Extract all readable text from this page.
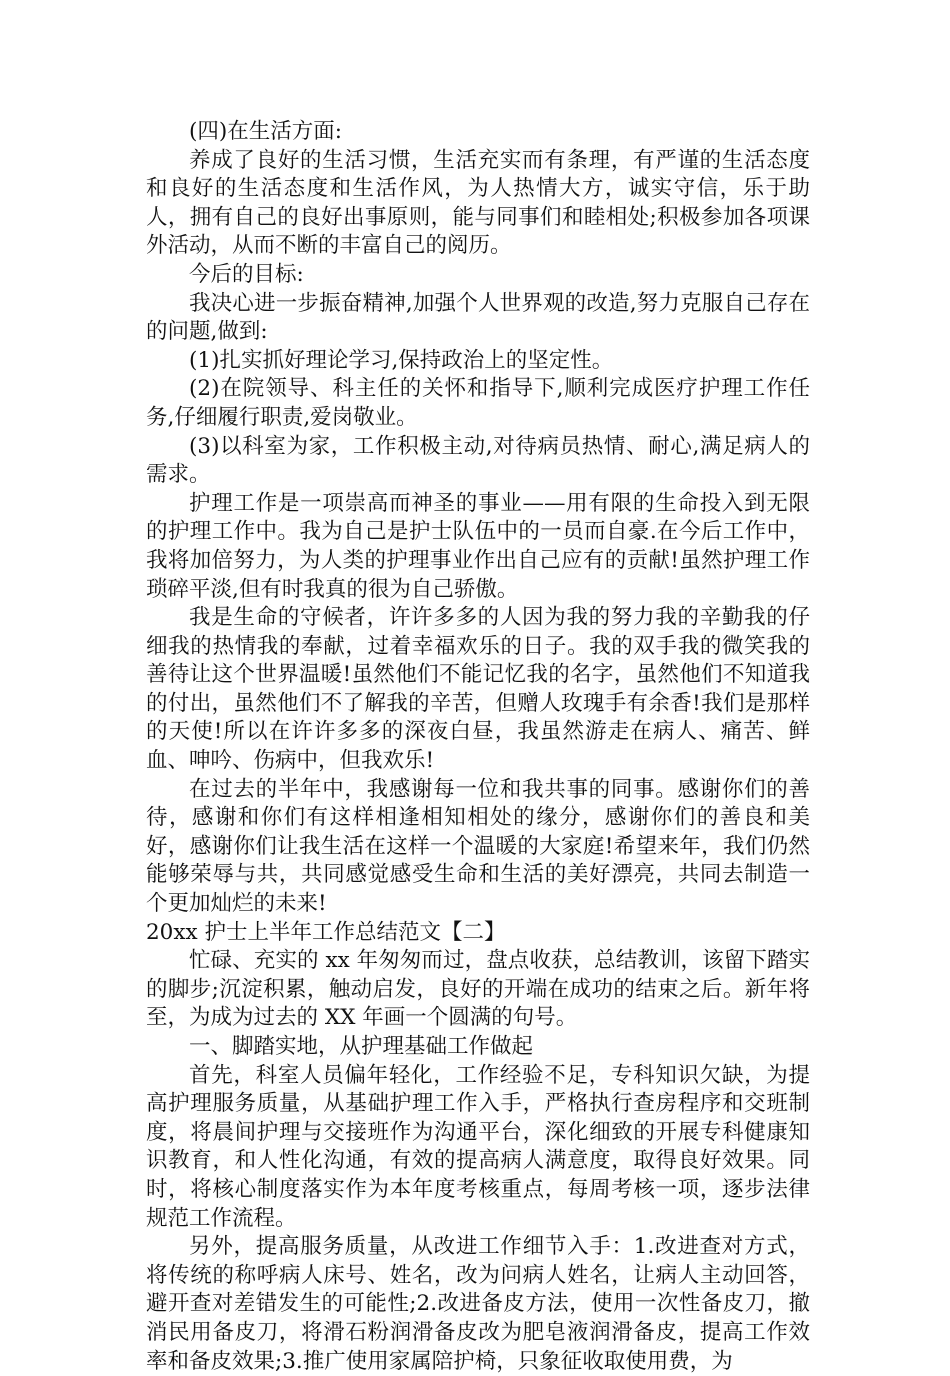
(四)在生活方面:

养成了良好的生活习惯，生活充实而有条理，有严谨的生活态度和良好的生活态度和生活作风，为人热情大方，诚实守信，乐于助人，拥有自己的良好出事原则，能与同事们和睦相处;积极参加各项课外活动，从而不断的丰富自己的阅历。

今后的目标:

我决心进一步振奋精神,加强个人世界观的改造,努力克服自己存在的问题,做到:

(1)扎实抓好理论学习,保持政治上的坚定性。

(2)在院领导、科主任的关怀和指导下,顺利完成医疗护理工作任务,仔细履行职责,爱岗敬业。

(3)以科室为家，工作积极主动,对待病员热情、耐心,满足病人的需求。

护理工作是一项崇高而神圣的事业——用有限的生命投入到无限的护理工作中。我为自己是护士队伍中的一员而自豪.在今后工作中，我将加倍努力，为人类的护理事业作出自己应有的贡献!虽然护理工作琐碎平淡,但有时我真的很为自己骄傲。

我是生命的守候者，许许多多的人因为我的努力我的辛勤我的仔细我的热情我的奉献，过着幸福欢乐的日子。我的双手我的微笑我的善待让这个世界温暖!虽然他们不能记忆我的名字，虽然他们不知道我的付出，虽然他们不了解我的辛苦，但赠人玫瑰手有余香!我们是那样的天使!所以在许许多多的深夜白昼，我虽然游走在病人、痛苦、鲜血、呻吟、伤病中，但我欢乐!

在过去的半年中，我感谢每一位和我共事的同事。感谢你们的善待，感谢和你们有这样相逢相知相处的缘分，感谢你们的善良和美好，感谢你们让我生活在这样一个温暖的大家庭!希望来年，我们仍然能够荣辱与共，共同感觉感受生命和生活的美好漂亮，共同去制造一个更加灿烂的未来!

20xx 护士上半年工作总结范文【二】

忙碌、充实的 xx 年匆匆而过，盘点收获，总结教训，该留下踏实的脚步;沉淀积累，触动启发，良好的开端在成功的结束之后。新年将至，为成为过去的 XX 年画一个圆满的句号。

一、脚踏实地，从护理基础工作做起

首先，科室人员偏年轻化，工作经验不足，专科知识欠缺，为提高护理服务质量，从基础护理工作入手，严格执行查房程序和交班制度，将晨间护理与交接班作为沟通平台，深化细致的开展专科健康知识教育，和人性化沟通，有效的提高病人满意度，取得良好效果。同时，将核心制度落实作为本年度考核重点，每周考核一项，逐步法律规范工作流程。

另外，提高服务质量，从改进工作细节入手：1.改进查对方式，将传统的称呼病人床号、姓名，改为问病人姓名，让病人主动回答，避开查对差错发生的可能性;2.改进备皮方法，使用一次性备皮刀，撤消民用备皮刀，将滑石粉润滑备皮改为肥皂液润滑备皮，提高工作效率和备皮效果;3.推广使用家属陪护椅，只象征收取使用费，为
